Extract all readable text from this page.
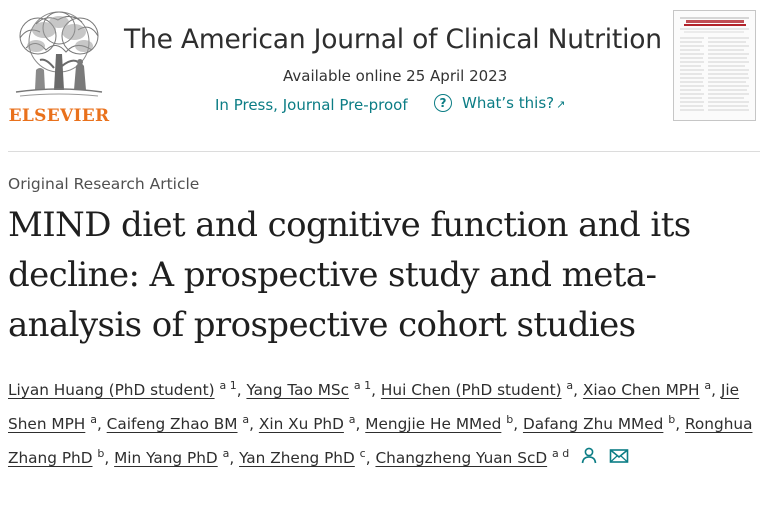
ELSEVIER
The American Journal of Clinical Nutrition
Available online 25 April 2023
In Press, Journal Pre-proof	?	What’s this? ↗
Original Research Article
MIND diet and cognitive function and its decline: A prospective study and meta-analysis of prospective cohort studies
Liyan Huang (PhD student) $^{a 1}$, Yang Tao MSc $^{a 1}$, Hui Chen (PhD student) $^a$, Xiao Chen MPH $^a$, Jie Shen MPH $^a$, Caifeng Zhao BM $^a$, Xin Xu PhD $^a$, Mengjie He MMed $^b$, Dafang Zhu MMed $^b$, Ronghua Zhang PhD $^b$, Min Yang PhD $^a$, Yan Zheng PhD $^c$, Changzheng Yuan ScD $^{a d}$
